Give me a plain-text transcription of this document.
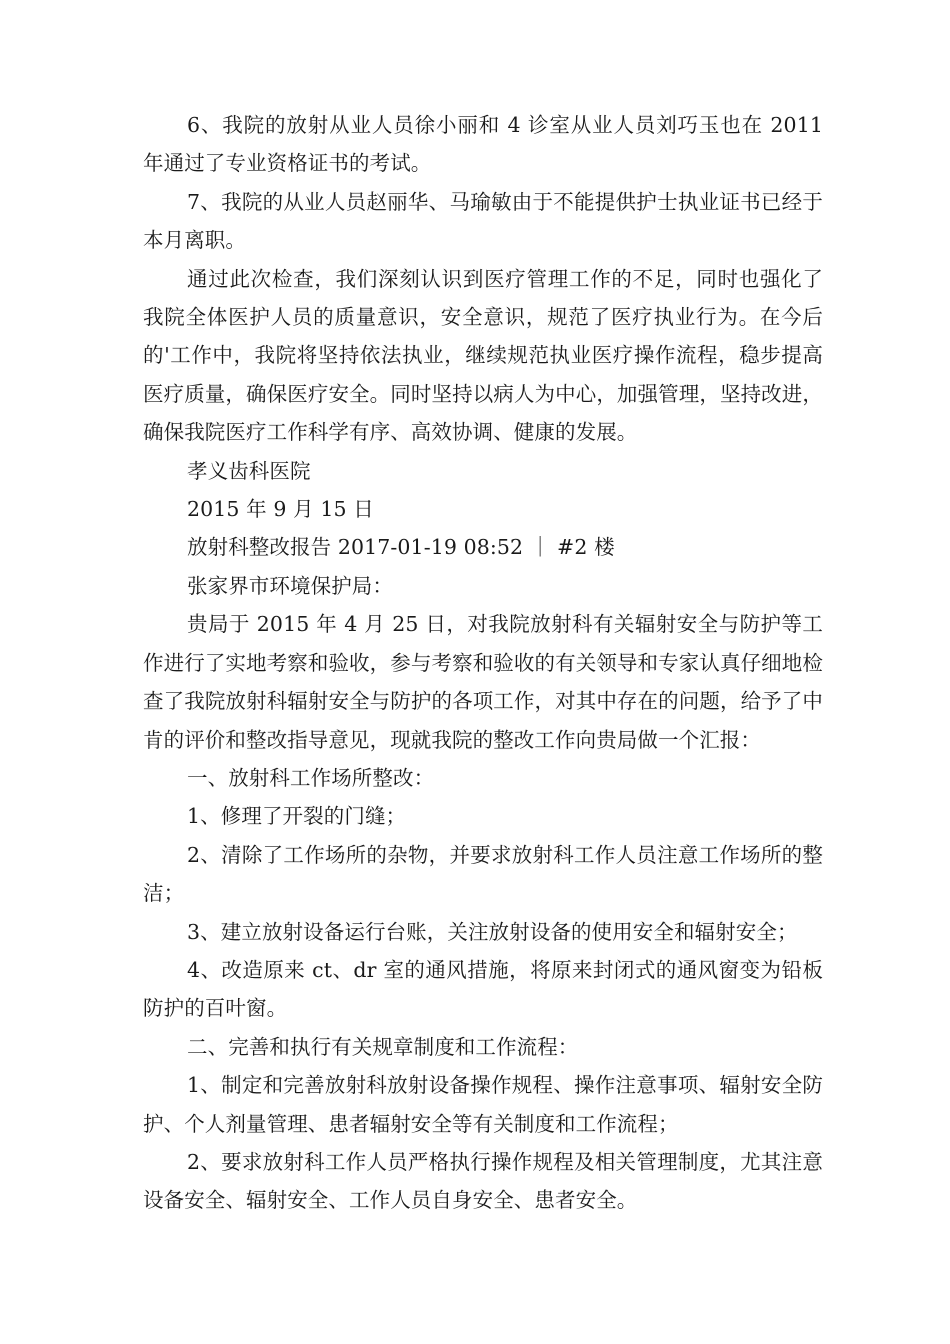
6、我院的放射从业人员徐小丽和 4 诊室从业人员刘巧玉也在 2011 年通过了专业资格证书的考试。

7、我院的从业人员赵丽华、马瑜敏由于不能提供护士执业证书已经于本月离职。

通过此次检查，我们深刻认识到医疗管理工作的不足，同时也强化了我院全体医护人员的质量意识，安全意识，规范了医疗执业行为。在今后的'工作中，我院将坚持依法执业，继续规范执业医疗操作流程，稳步提高医疗质量，确保医疗安全。同时坚持以病人为中心，加强管理，坚持改进，确保我院医疗工作科学有序、高效协调、健康的发展。

孝义齿科医院

2015 年 9 月 15 日

放射科整改报告 2017-01-19 08:52 ｜ #2 楼

张家界市环境保护局：

贵局于 2015 年 4 月 25 日，对我院放射科有关辐射安全与防护等工作进行了实地考察和验收，参与考察和验收的有关领导和专家认真仔细地检查了我院放射科辐射安全与防护的各项工作，对其中存在的问题，给予了中肯的评价和整改指导意见，现就我院的整改工作向贵局做一个汇报：

一、放射科工作场所整改：

1、修理了开裂的门缝；

2、清除了工作场所的杂物，并要求放射科工作人员注意工作场所的整洁；

3、建立放射设备运行台账，关注放射设备的使用安全和辐射安全；

4、改造原来 ct、dr 室的通风措施，将原来封闭式的通风窗变为铅板防护的百叶窗。

二、完善和执行有关规章制度和工作流程：

1、制定和完善放射科放射设备操作规程、操作注意事项、辐射安全防护、个人剂量管理、患者辐射安全等有关制度和工作流程；

2、要求放射科工作人员严格执行操作规程及相关管理制度，尤其注意设备安全、辐射安全、工作人员自身安全、患者安全。
